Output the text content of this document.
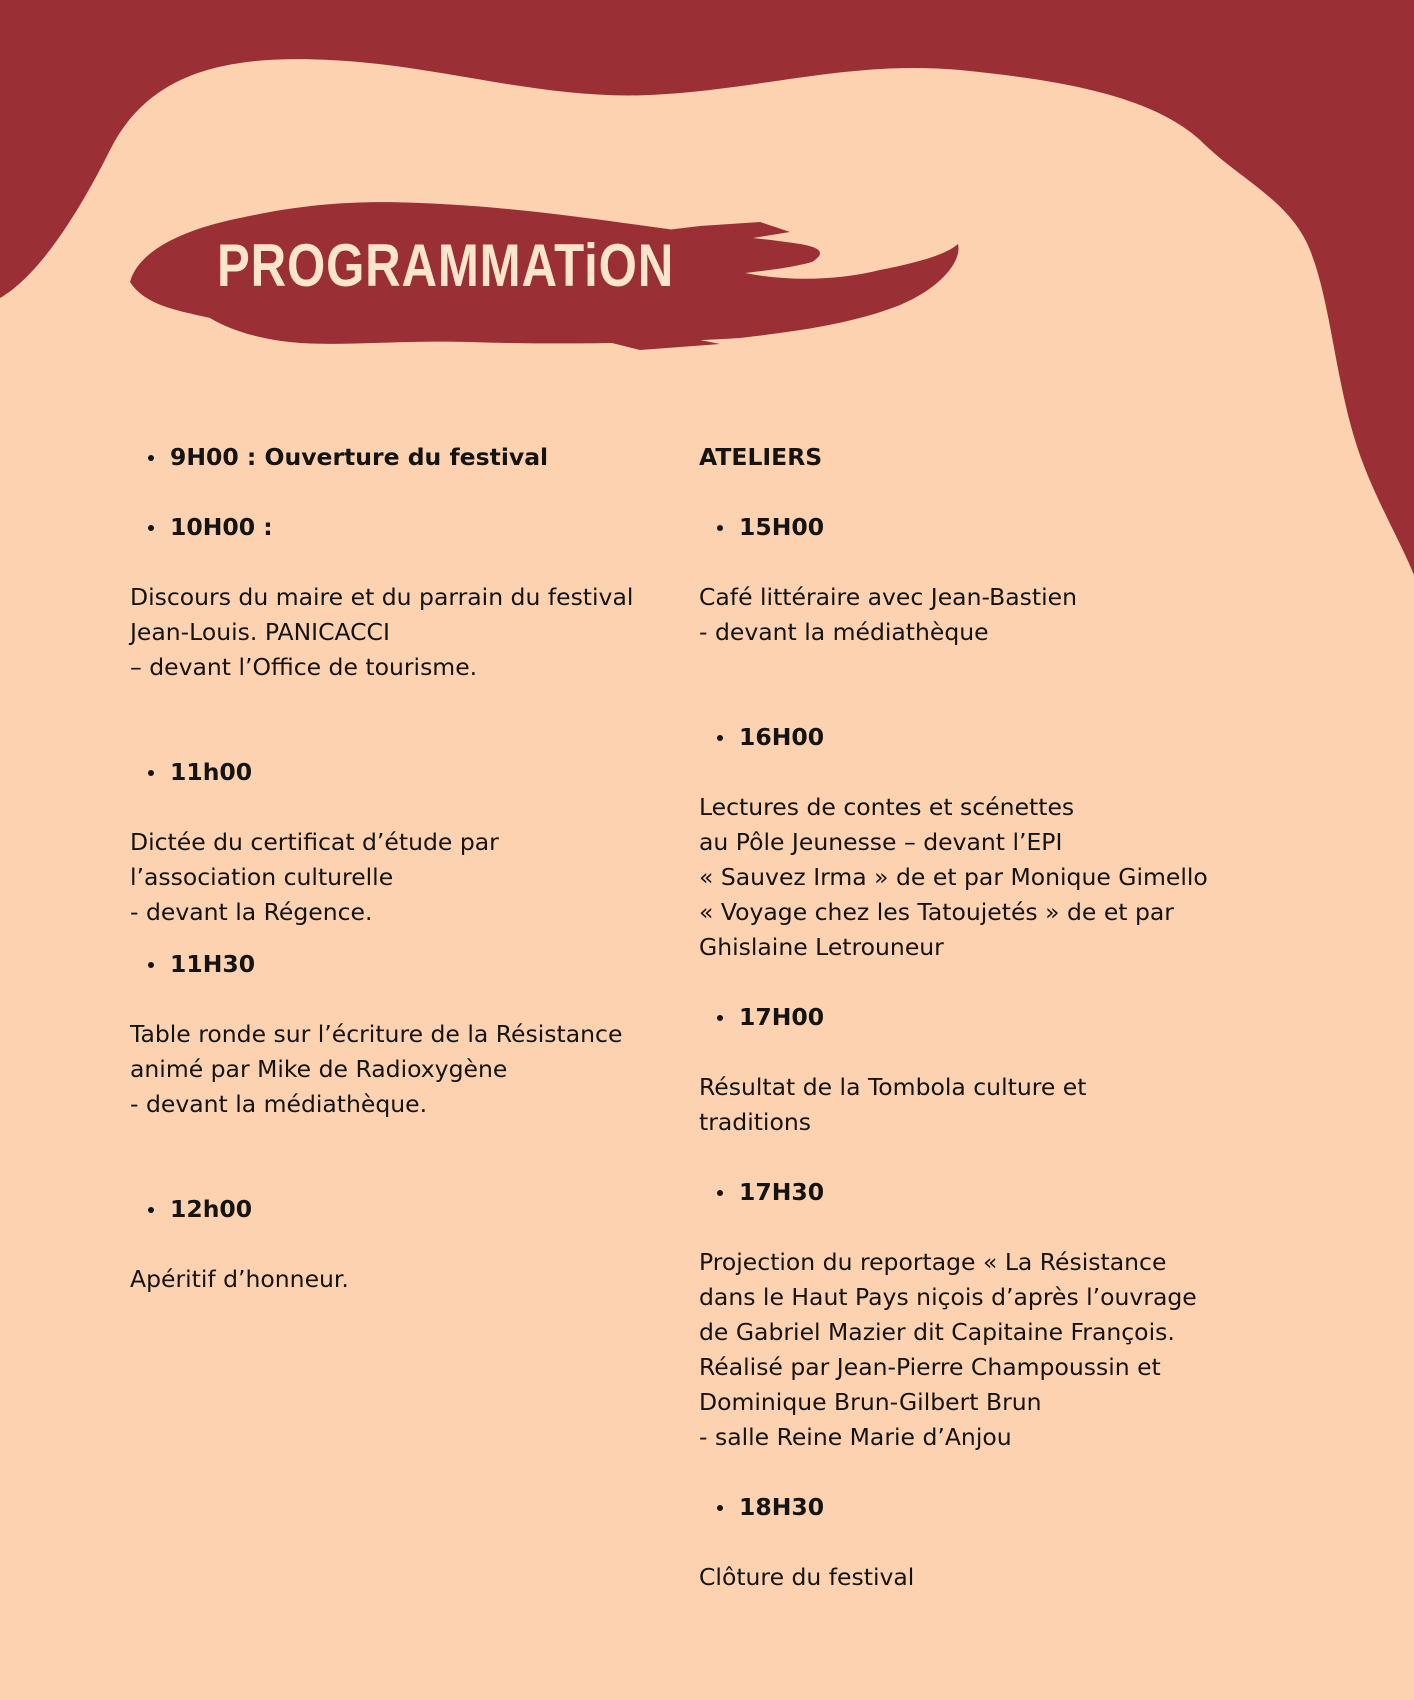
PROGRAMMATiON
9H00 : Ouverture du festival
10H00 :

Discours du maire et du parrain du festival
Jean-Louis. PANICACCI
– devant l’Office de tourisme.

11h00

Dictée du certificat d’étude par
l’association culturelle
- devant la Régence.

11H30

Table ronde sur l’écriture de la Résistance
animé par Mike de Radioxygène
- devant la médiathèque.

12h00

Apéritif d’honneur.

ATELIERS
15H00

Café littéraire avec Jean-Bastien
- devant la médiathèque

16H00

Lectures de contes et scénettes
au Pôle Jeunesse – devant l’EPI
« Sauvez Irma » de et par Monique Gimello
« Voyage chez les Tatoujetés » de et par
Ghislaine Letrouneur

17H00

Résultat de la Tombola culture et
traditions

17H30

Projection du reportage « La Résistance
dans le Haut Pays niçois d’après l’ouvrage
de Gabriel Mazier dit Capitaine François.
Réalisé par Jean-Pierre Champoussin et
Dominique Brun-Gilbert Brun
- salle Reine Marie d’Anjou

18H30

Clôture du festival
